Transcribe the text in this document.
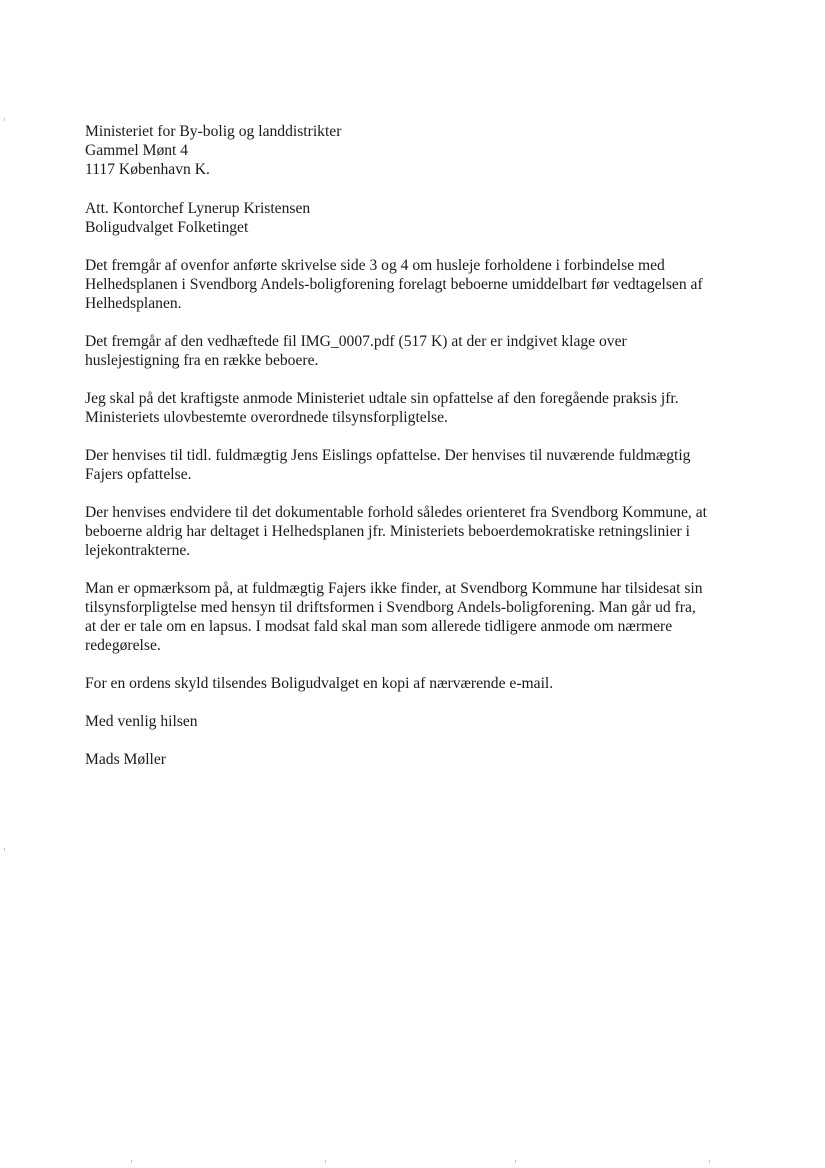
Ministeriet for By-bolig og landdistrikter
Gammel Mønt 4
1117 København K.
Att. Kontorchef Lynerup Kristensen
Boligudvalget Folketinget
Det fremgår af ovenfor anførte skrivelse side 3 og 4 om husleje forholdene i forbindelse med
Helhedsplanen i Svendborg Andels-boligforening forelagt beboerne umiddelbart før vedtagelsen af
Helhedsplanen.
Det fremgår af den vedhæftede fil IMG_0007.pdf (517 K) at der er indgivet klage over
huslejestigning fra en række beboere.
Jeg skal på det kraftigste anmode Ministeriet udtale sin opfattelse af den foregående praksis jfr.
Ministeriets ulovbestemte overordnede tilsynsforpligtelse.
Der henvises til tidl. fuldmægtig Jens Eislings opfattelse. Der henvises til nuværende fuldmægtig
Fajers opfattelse.
Der henvises endvidere til det dokumentable forhold således orienteret fra Svendborg Kommune, at
beboerne aldrig har deltaget i Helhedsplanen jfr. Ministeriets beboerdemokratiske retningslinier i
lejekontrakterne.
Man er opmærksom på, at fuldmægtig Fajers ikke finder, at Svendborg Kommune har tilsidesat sin
tilsynsforpligtelse med hensyn til driftsformen i Svendborg Andels-boligforening. Man går ud fra,
at der er tale om en lapsus. I modsat fald skal man som allerede tidligere anmode om nærmere
redegørelse.
For en ordens skyld tilsendes Boligudvalget en kopi af nærværende e-mail.
Med venlig hilsen
Mads Møller
